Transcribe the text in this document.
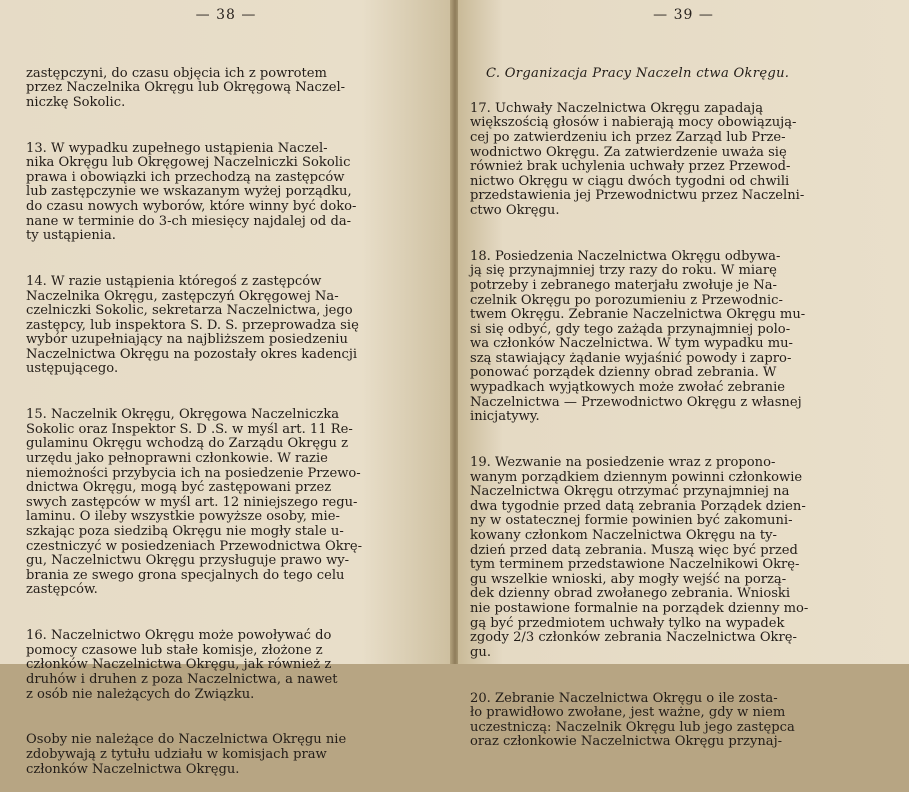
— 38 —

zastępczyni, do czasu objęcia ich z powrotem
przez Naczelnika Okręgu lub Okręgową Naczel-
niczkę Sokolic.

13. W wypadku zupełnego ustąpienia Naczel-
nika Okręgu lub Okręgowej Naczelniczki Sokolic
prawa i obowiązki ich przechodzą na zastępców
lub zastępczynie we wskazanym wyżej porządku,
do czasu nowych wyborów, które winny być doko-
nane w terminie do 3-ch miesięcy najdalej od da-
ty ustąpienia.

14. W razie ustąpienia któregoś z zastępców
Naczelnika Okręgu, zastępczyń Okręgowej Na-
czelniczki Sokolic, sekretarza Naczelnictwa, jego
zastępcy, lub inspektora S. D. S. przeprowadza się
wybór uzupełniający na najbliższem posiedzeniu
Naczelnictwa Okręgu na pozostały okres kadencji
ustępującego.

15. Naczelnik Okręgu, Okręgowa Naczelniczka
Sokolic oraz Inspektor S. D .S. w myśl art. 11 Re-
gulaminu Okręgu wchodzą do Zarządu Okręgu z
urzędu jako pełnoprawni członkowie. W razie
niemożności przybycia ich na posiedzenie Przewo-
dnictwa Okręgu, mogą być zastępowani przez
swych zastępców w myśl art. 12 niniejszego regu-
laminu. O ileby wszystkie powyższe osoby, mie-
szkając poza siedzibą Okręgu nie mogły stale u-
czestniczyć w posiedzeniach Przewodnictwa Okrę-
gu, Naczelnictwu Okręgu przysługuje prawo wy-
brania ze swego grona specjalnych do tego celu
zastępców.

16. Naczelnictwo Okręgu może powoływać do
pomocy czasowe lub stałe komisje, złożone z
członków Naczelnictwa Okręgu, jak również z
druhów i druhen z poza Naczelnictwa, a nawet
z osób nie należących do Związku.

Osoby nie należące do Naczelnictwa Okręgu nie
zdobywają z tytułu udziału w komisjach praw
członków Naczelnictwa Okręgu.

— 39 —

C. Organizacja Pracy Naczeln ctwa Okręgu.

17. Uchwały Naczelnictwa Okręgu zapadają
większością głosów i nabierają mocy obowiązują-
cej po zatwierdzeniu ich przez Zarząd lub Prze-
wodnictwo Okręgu. Za zatwierdzenie uważa się
również brak uchylenia uchwały przez Przewod-
nictwo Okręgu w ciągu dwóch tygodni od chwili
przedstawienia jej Przewodnictwu przez Naczelni-
ctwo Okręgu.

18. Posiedzenia Naczelnictwa Okręgu odbywa-
ją się przynajmniej trzy razy do roku. W miarę
potrzeby i zebranego materjału zwołuje je Na-
czelnik Okręgu po porozumieniu z Przewodnic-
twem Okręgu. Zebranie Naczelnictwa Okręgu mu-
si się odbyć, gdy tego zażąda przynajmniej polo-
wa członków Naczelnictwa. W tym wypadku mu-
szą stawiający żądanie wyjaśnić powody i zapro-
ponować porządek dzienny obrad zebrania. W
wypadkach wyjątkowych może zwołać zebranie
Naczelnictwa — Przewodnictwo Okręgu z własnej
inicjatywy.

19. Wezwanie na posiedzenie wraz z propono-
wanym porządkiem dziennym powinni członkowie
Naczelnictwa Okręgu otrzymać przynajmniej na
dwa tygodnie przed datą zebrania Porządek dzien-
ny w ostatecznej formie powinien być zakomuni-
kowany członkom Naczelnictwa Okręgu na ty-
dzień przed datą zebrania. Muszą więc być przed
tym terminem przedstawione Naczelnikowi Okrę-
gu wszelkie wnioski, aby mogły wejść na porzą-
dek dzienny obrad zwołanego zebrania. Wnioski
nie postawione formalnie na porządek dzienny mo-
gą być przedmiotem uchwały tylko na wypadek
zgody 2/3 członków zebrania Naczelnictwa Okrę-
gu.

20. Zebranie Naczelnictwa Okręgu o ile zosta-
ło prawidłowo zwołane, jest ważne, gdy w niem
uczestniczą: Naczelnik Okręgu lub jego zastępca
oraz członkowie Naczelnictwa Okręgu przynaj-
